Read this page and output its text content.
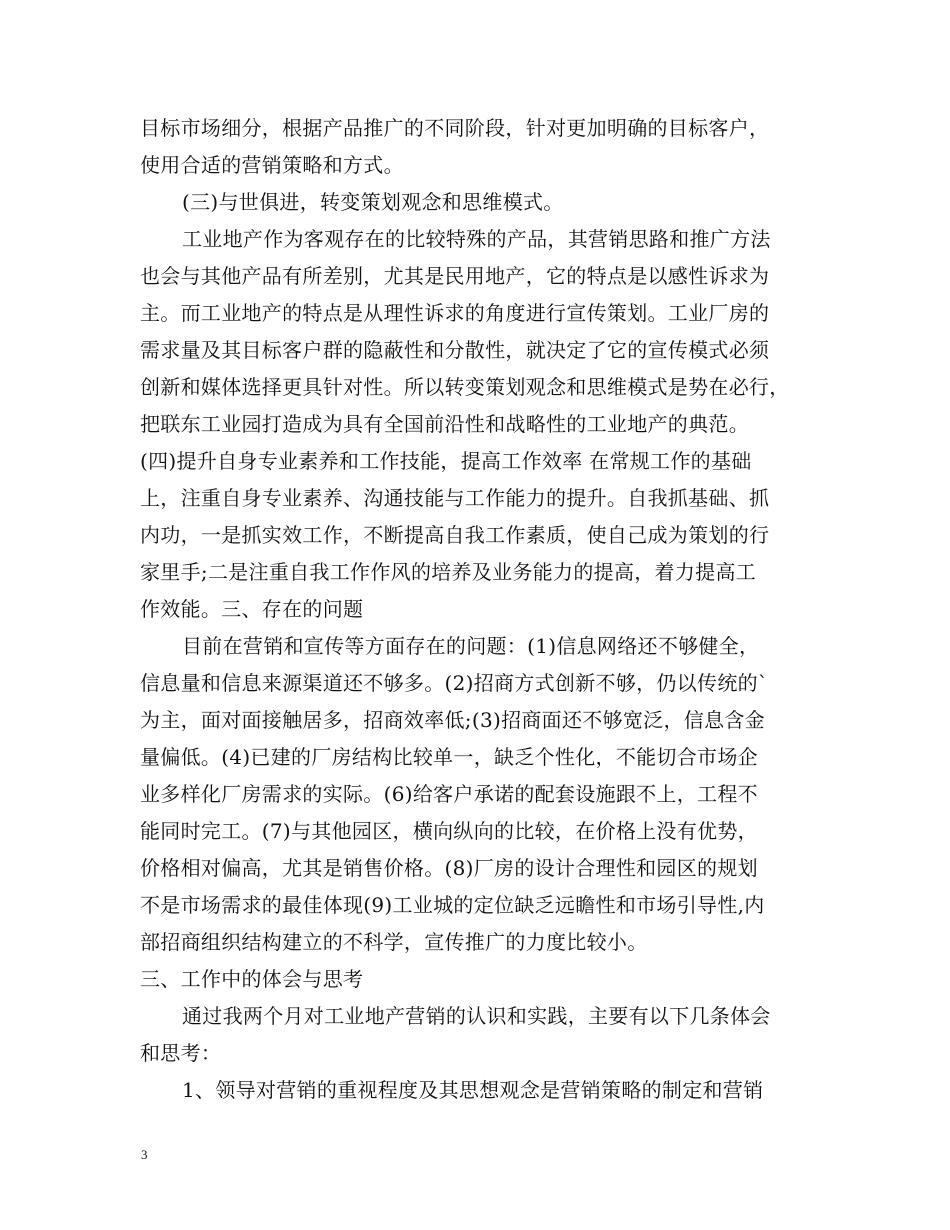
目标市场细分，根据产品推广的不同阶段，针对更加明确的目标客户，
使用合适的营销策略和方式。
(三)与世俱进，转变策划观念和思维模式。
工业地产作为客观存在的比较特殊的产品，其营销思路和推广方法
也会与其他产品有所差别，尤其是民用地产，它的特点是以感性诉求为
主。而工业地产的特点是从理性诉求的角度进行宣传策划。工业厂房的
需求量及其目标客户群的隐蔽性和分散性，就决定了它的宣传模式必须
创新和媒体选择更具针对性。所以转变策划观念和思维模式是势在必行，
把联东工业园打造成为具有全国前沿性和战略性的工业地产的典范。
(四)提升自身专业素养和工作技能，提高工作效率 在常规工作的基础
上，注重自身专业素养、沟通技能与工作能力的提升。自我抓基础、抓
内功，一是抓实效工作，不断提高自我工作素质，使自己成为策划的行
家里手;二是注重自我工作作风的培养及业务能力的提高，着力提高工
作效能。三、存在的问题
目前在营销和宣传等方面存在的问题：(1)信息网络还不够健全，
信息量和信息来源渠道还不够多。(2)招商方式创新不够，仍以传统的`
为主，面对面接触居多，招商效率低;(3)招商面还不够宽泛，信息含金
量偏低。(4)已建的厂房结构比较单一，缺乏个性化，不能切合市场企
业多样化厂房需求的实际。(6)给客户承诺的配套设施跟不上，工程不
能同时完工。(7)与其他园区，横向纵向的比较，在价格上没有优势，
价格相对偏高，尤其是销售价格。(8)厂房的设计合理性和园区的规划
不是市场需求的最佳体现(9)工业城的定位缺乏远瞻性和市场引导性,内
部招商组织结构建立的不科学，宣传推广的力度比较小。
三、工作中的体会与思考
通过我两个月对工业地产营销的认识和实践，主要有以下几条体会
和思考：
1、领导对营销的重视程度及其思想观念是营销策略的制定和营销
3
